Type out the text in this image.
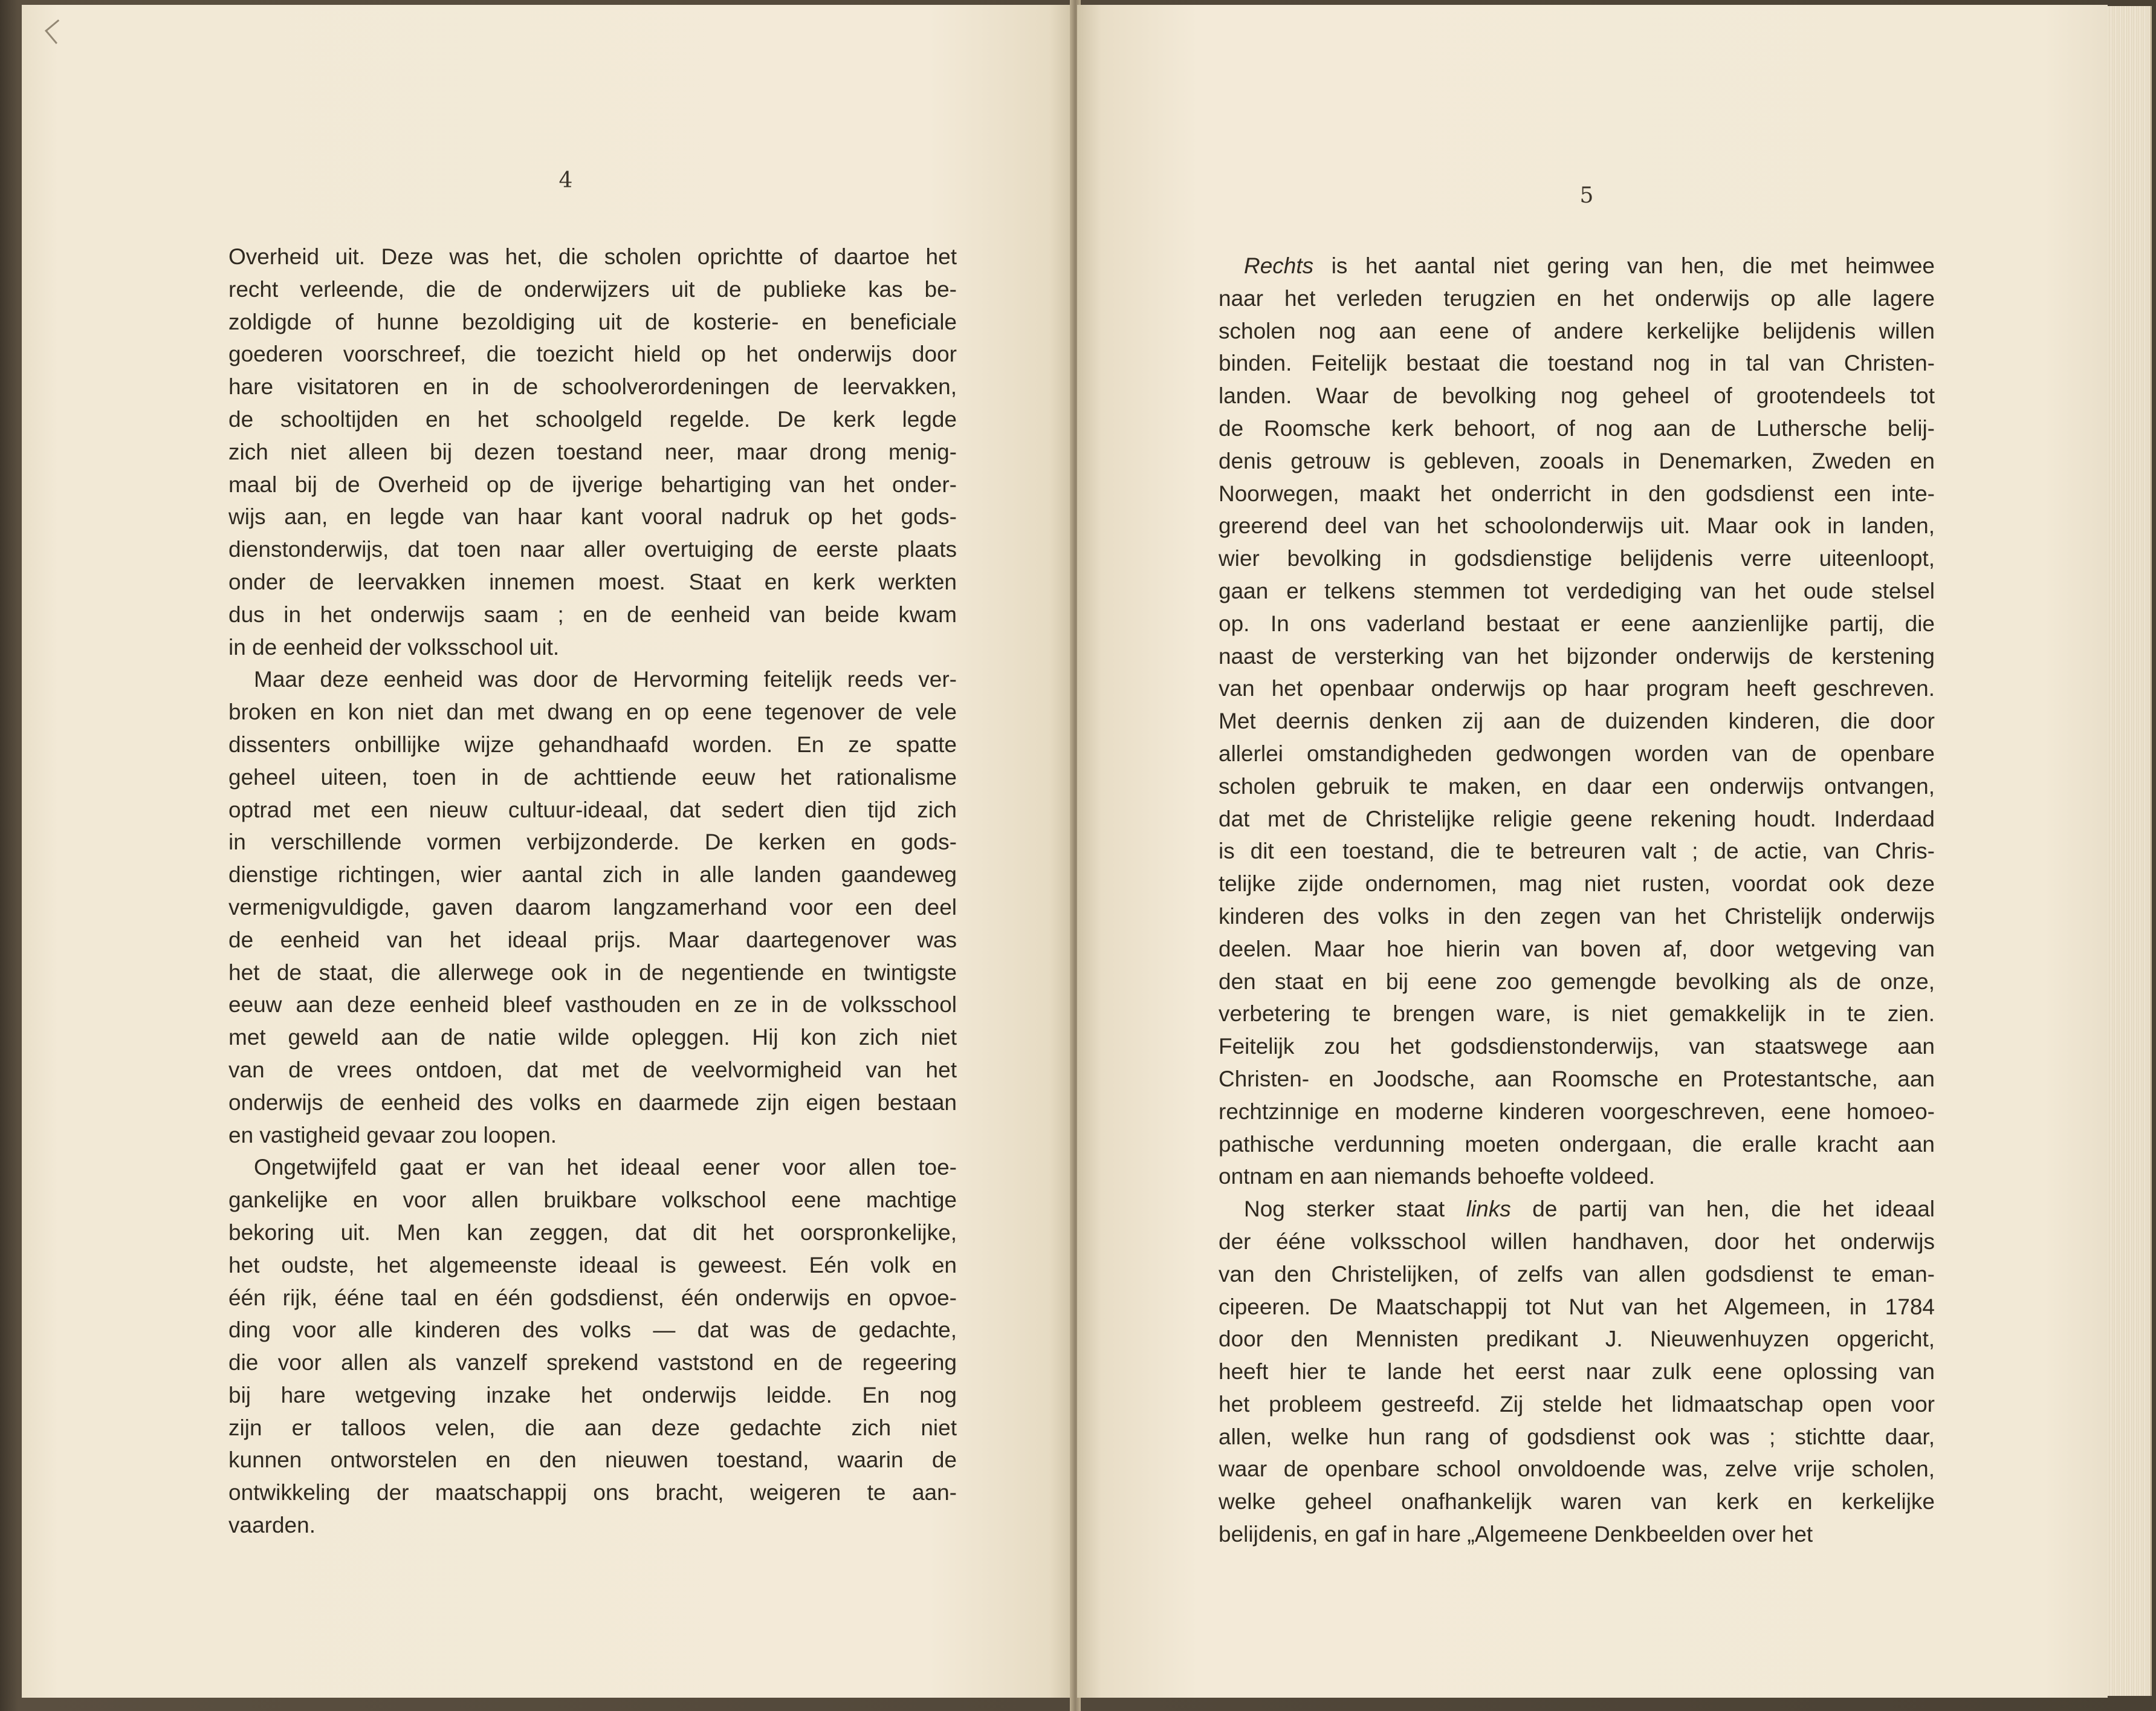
4
Overheid uit. Deze was het, die scholen oprichtte of daartoe het
recht verleende, die de onderwijzers uit de publieke kas be-
zoldigde of hunne bezoldiging uit de kosterie- en beneficiale
goederen voorschreef, die toezicht hield op het onderwijs door
hare visitatoren en in de schoolverordeningen de leervakken,
de schooltijden en het schoolgeld regelde. De kerk legde
zich niet alleen bij dezen toestand neer, maar drong menig-
maal bij de Overheid op de ijverige behartiging van het onder-
wijs aan, en legde van haar kant vooral nadruk op het gods-
dienstonderwijs, dat toen naar aller overtuiging de eerste plaats
onder de leervakken innemen moest. Staat en kerk werkten
dus in het onderwijs saam ; en de eenheid van beide kwam
in de eenheid der volksschool uit.
Maar deze eenheid was door de Hervorming feitelijk reeds ver-
broken en kon niet dan met dwang en op eene tegenover de vele
dissenters onbillijke wijze gehandhaafd worden. En ze spatte
geheel uiteen, toen in de achttiende eeuw het rationalisme
optrad met een nieuw cultuur-ideaal, dat sedert dien tijd zich
in verschillende vormen verbijzonderde. De kerken en gods-
dienstige richtingen, wier aantal zich in alle landen gaandeweg
vermenigvuldigde, gaven daarom langzamerhand voor een deel
de eenheid van het ideaal prijs. Maar daartegenover was
het de staat, die allerwege ook in de negentiende en twintigste
eeuw aan deze eenheid bleef vasthouden en ze in de volksschool
met geweld aan de natie wilde opleggen. Hij kon zich niet
van de vrees ontdoen, dat met de veelvormigheid van het
onderwijs de eenheid des volks en daarmede zijn eigen bestaan
en vastigheid gevaar zou loopen.
Ongetwijfeld gaat er van het ideaal eener voor allen toe-
gankelijke en voor allen bruikbare volkschool eene machtige
bekoring uit. Men kan zeggen, dat dit het oorspronkelijke,
het oudste, het algemeenste ideaal is geweest. Eén volk en
één rijk, ééne taal en één godsdienst, één onderwijs en opvoe-
ding voor alle kinderen des volks — dat was de gedachte,
die voor allen als vanzelf sprekend vaststond en de regeering
bij hare wetgeving inzake het onderwijs leidde. En nog
zijn er talloos velen, die aan deze gedachte zich niet
kunnen ontworstelen en den nieuwen toestand, waarin de
ontwikkeling der maatschappij ons bracht, weigeren te aan-
vaarden.
5
Rechts is het aantal niet gering van hen, die met heimwee
naar het verleden terugzien en het onderwijs op alle lagere
scholen nog aan eene of andere kerkelijke belijdenis willen
binden. Feitelijk bestaat die toestand nog in tal van Christen-
landen. Waar de bevolking nog geheel of grootendeels tot
de Roomsche kerk behoort, of nog aan de Luthersche belij-
denis getrouw is gebleven, zooals in Denemarken, Zweden en
Noorwegen, maakt het onderricht in den godsdienst een inte-
greerend deel van het schoolonderwijs uit. Maar ook in landen,
wier bevolking in godsdienstige belijdenis verre uiteenloopt,
gaan er telkens stemmen tot verdediging van het oude stelsel
op. In ons vaderland bestaat er eene aanzienlijke partij, die
naast de versterking van het bijzonder onderwijs de kerstening
van het openbaar onderwijs op haar program heeft geschreven.
Met deernis denken zij aan de duizenden kinderen, die door
allerlei omstandigheden gedwongen worden van de openbare
scholen gebruik te maken, en daar een onderwijs ontvangen,
dat met de Christelijke religie geene rekening houdt. Inderdaad
is dit een toestand, die te betreuren valt ; de actie, van Chris-
telijke zijde ondernomen, mag niet rusten, voordat ook deze
kinderen des volks in den zegen van het Christelijk onderwijs
deelen. Maar hoe hierin van boven af, door wetgeving van
den staat en bij eene zoo gemengde bevolking als de onze,
verbetering te brengen ware, is niet gemakkelijk in te zien.
Feitelijk zou het godsdienstonderwijs, van staatswege aan
Christen- en Joodsche, aan Roomsche en Protestantsche, aan
rechtzinnige en moderne kinderen voorgeschreven, eene homoeo-
pathische verdunning moeten ondergaan, die eralle kracht aan
ontnam en aan niemands behoefte voldeed.
Nog sterker staat links de partij van hen, die het ideaal
der ééne volksschool willen handhaven, door het onderwijs
van den Christelijken, of zelfs van allen godsdienst te eman-
cipeeren. De Maatschappij tot Nut van het Algemeen, in 1784
door den Mennisten predikant J. Nieuwenhuyzen opgericht,
heeft hier te lande het eerst naar zulk eene oplossing van
het probleem gestreefd. Zij stelde het lidmaatschap open voor
allen, welke hun rang of godsdienst ook was ; stichtte daar,
waar de openbare school onvoldoende was, zelve vrije scholen,
welke geheel onafhankelijk waren van kerk en kerkelijke
belijdenis, en gaf in hare „Algemeene Denkbeelden over het
